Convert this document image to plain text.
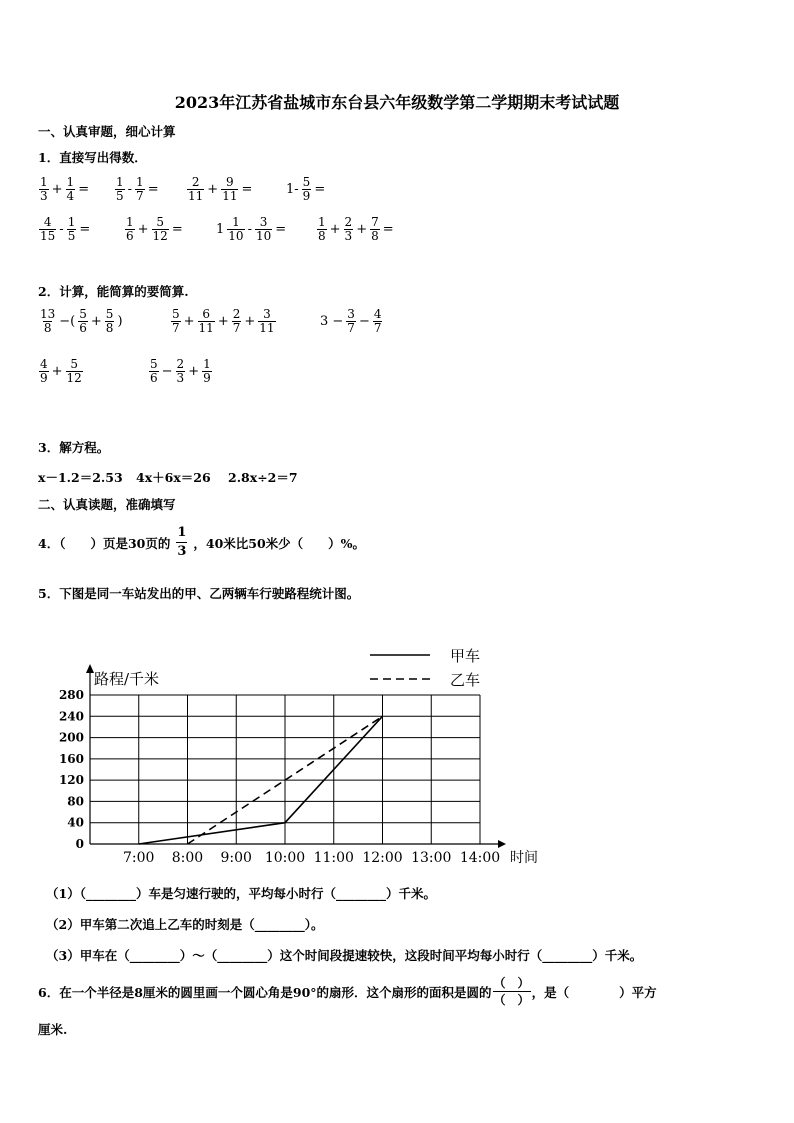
2023年江苏省盐城市东台县六年级数学第二学期期末考试试题
一、认真审题，细心计算
1．直接写出得数．
$\frac{1}{3} + \frac{1}{4} = \frac{1}{5} - \frac{1}{7} = \frac{2}{11} + \frac{9}{11}$ =	$1- \frac{5}{9}$ =
$\frac{4}{15} - \frac{1}{5}$ =	$\frac{1}{6} + \frac{5}{12}$ =	$1 \frac{1}{10} - \frac{3}{10}$ =	$\frac{1}{8} + \frac{2}{3} + \frac{7}{8}$ =
2．计算，能简算的要简算.
$\frac{13}{8}$ −( $\frac{5}{6} + \frac{5}{8}$ )	$\frac{5}{7} + \frac{6}{11} + \frac{2}{7} + \frac{3}{11}$	$3 - \frac{3}{7} - \frac{4}{7}$
$\frac{4}{9} + \frac{5}{12}$	$\frac{5}{6} - \frac{2}{3} + \frac{1}{9}$
3．解方程。
x－1.2＝2.53 4x＋6x＝26 2.8x÷2＝7
二、认真读题，准确填写
4．（　　）页是30页的 $\frac{1}{3}$ ，40米比50米少（　　）%。
5．下图是同一车站发出的甲、乙两辆车行驶路程统计图。
0
40
80
120
160
200
240
280
7:00 8:00 9:00 10:00 11:00 12:00 13:00 14:00 时间
路程/千米
甲车
乙车
（1）（________）车是匀速行驶的，平均每小时行（________）千米。
（2）甲车第二次追上乙车的时刻是（________）。
（3）甲车在（________）～（________）这个时间段提速较快，这段时间平均每小时行（________）千米。
6．在一个半径是8厘米的圆里画一个圆心角是90°的扇形．这个扇形的面积是圆的 $\frac{( )}{( )}$ ，是（　　　　）平方
厘米.
